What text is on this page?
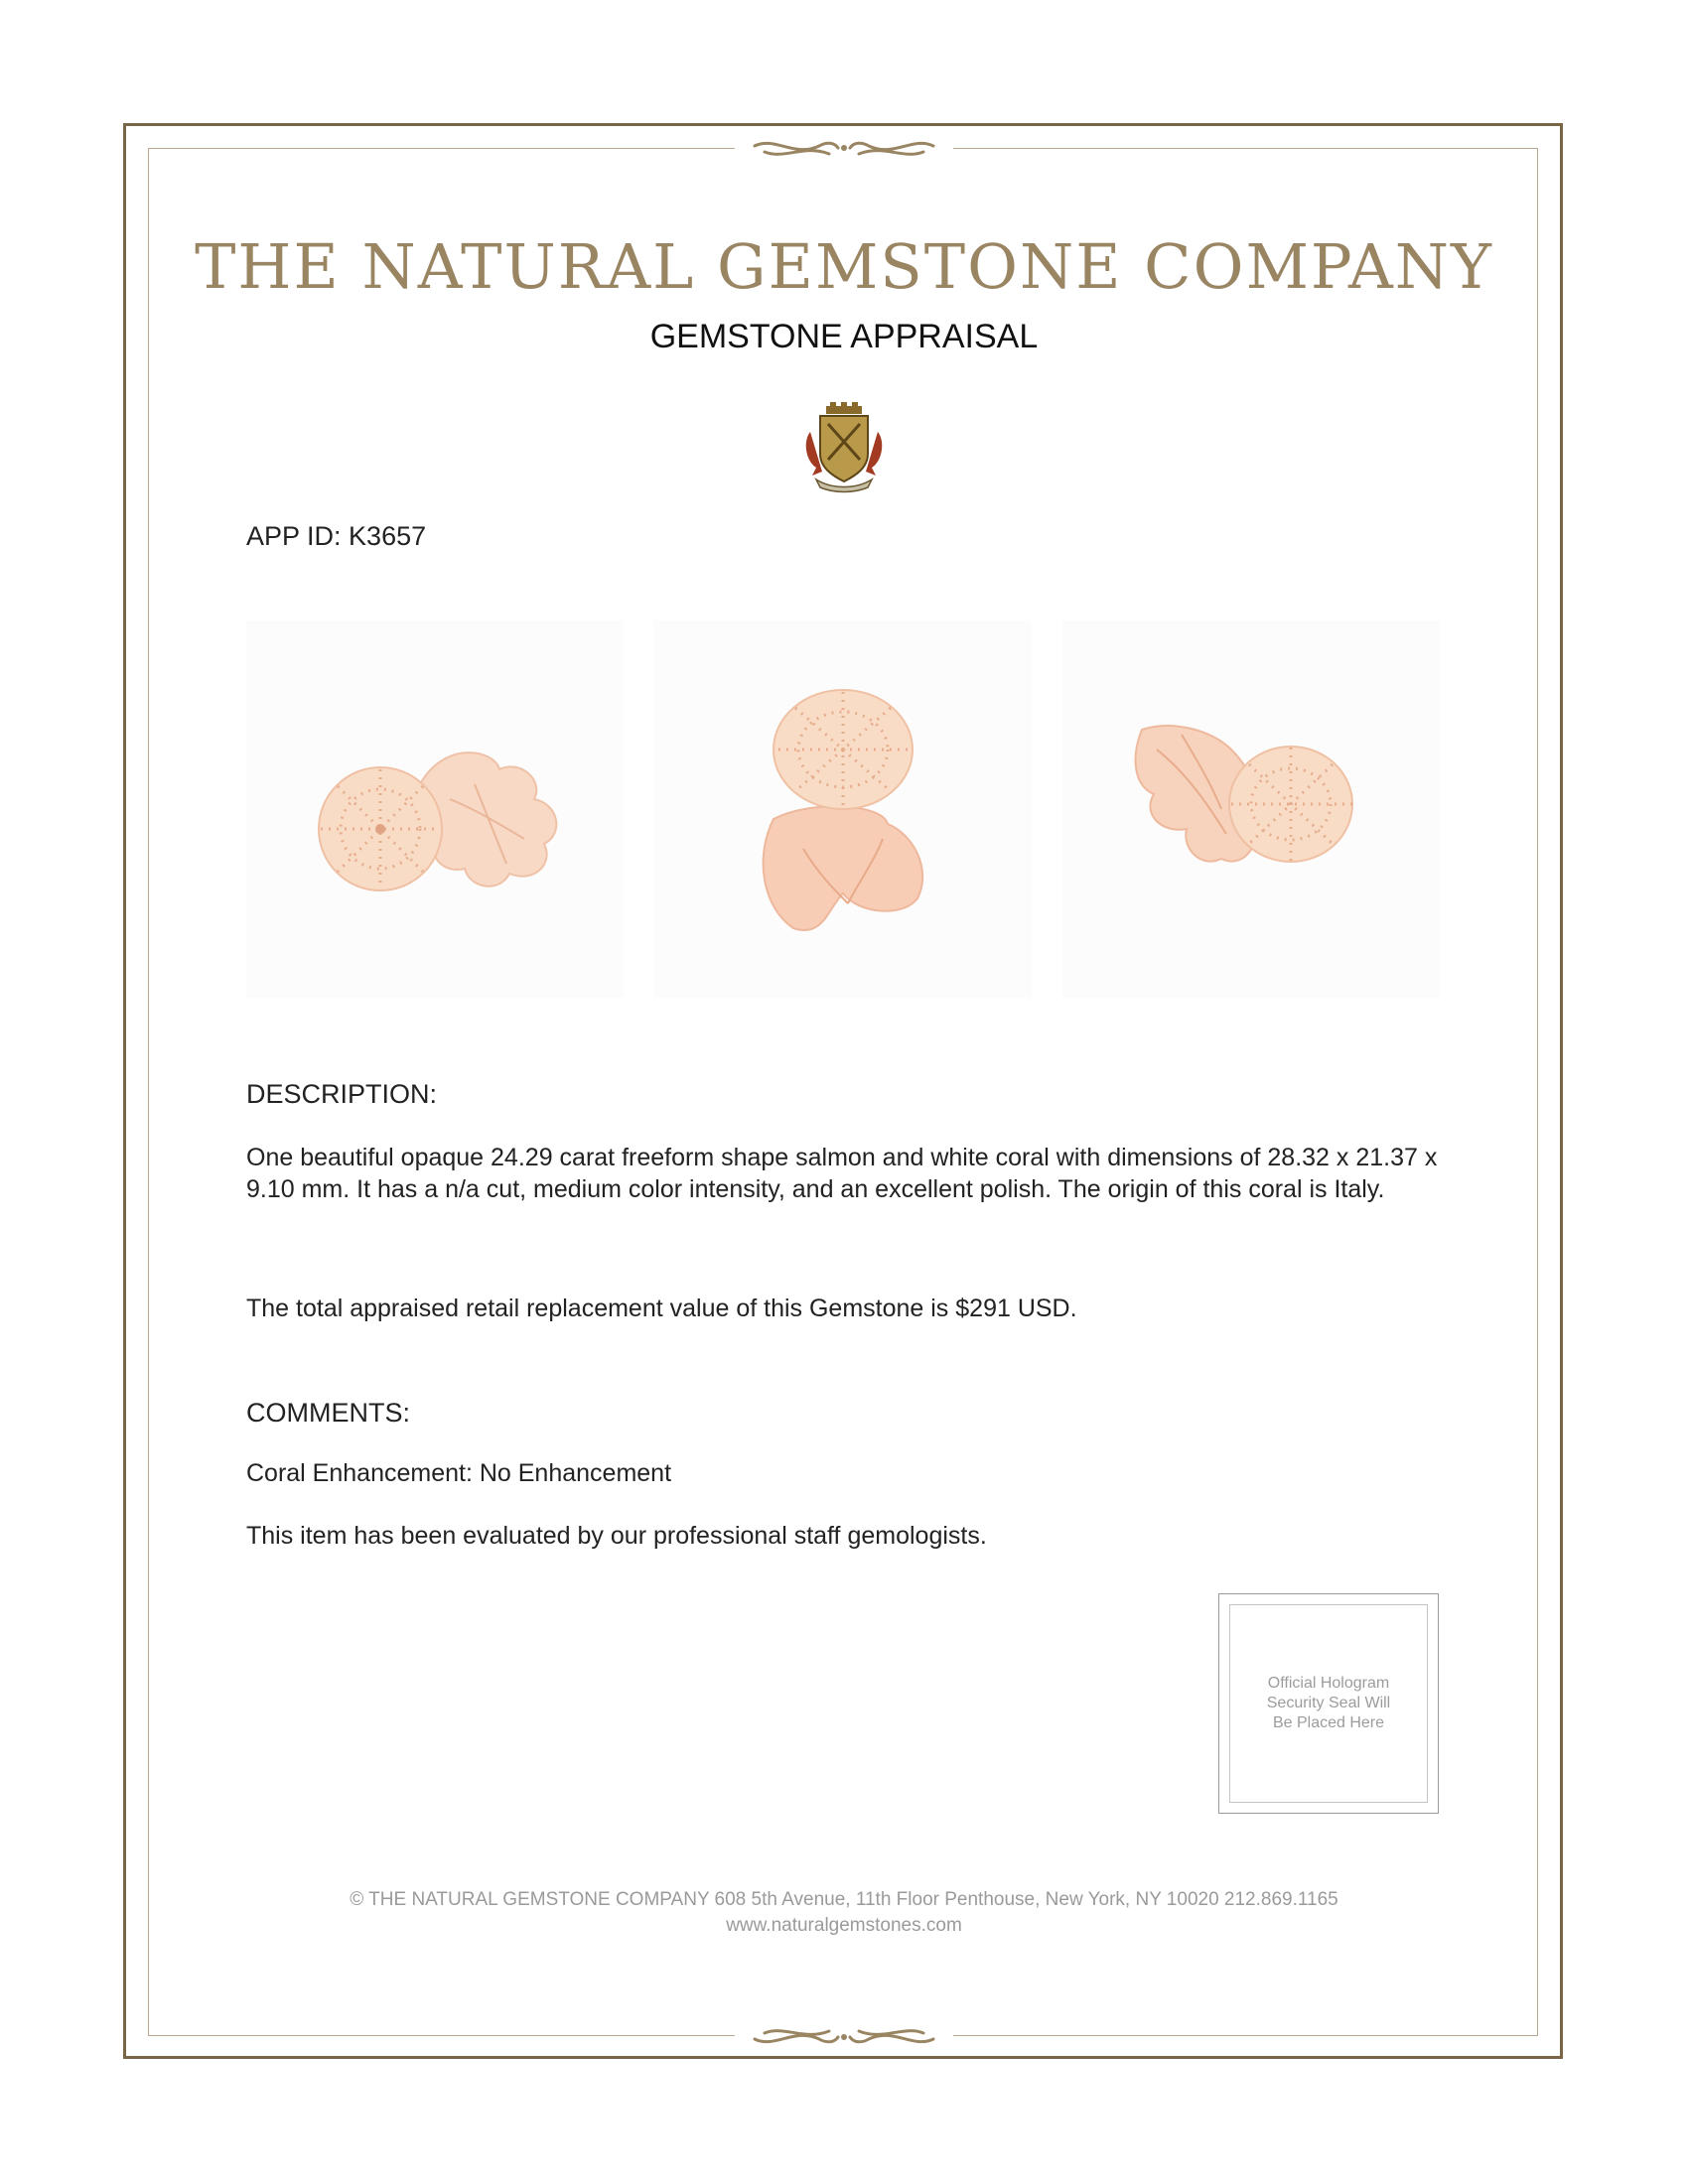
THE NATURAL GEMSTONE COMPANY
GEMSTONE APPRAISAL
APP ID: K3657
DESCRIPTION:
One beautiful opaque 24.29 carat freeform shape salmon and white coral with dimensions of 28.32 x 21.37 x 9.10 mm. It has a n/a cut, medium color intensity, and an excellent polish. The origin of this coral is Italy.
The total appraised retail replacement value of this Gemstone is $291 USD.
COMMENTS:
Coral Enhancement: No Enhancement
This item has been evaluated by our professional staff gemologists.
Official Hologram
Security Seal Will
Be Placed Here
© THE NATURAL GEMSTONE COMPANY 608 5th Avenue, 11th Floor Penthouse, New York, NY 10020 212.869.1165
www.naturalgemstones.com
